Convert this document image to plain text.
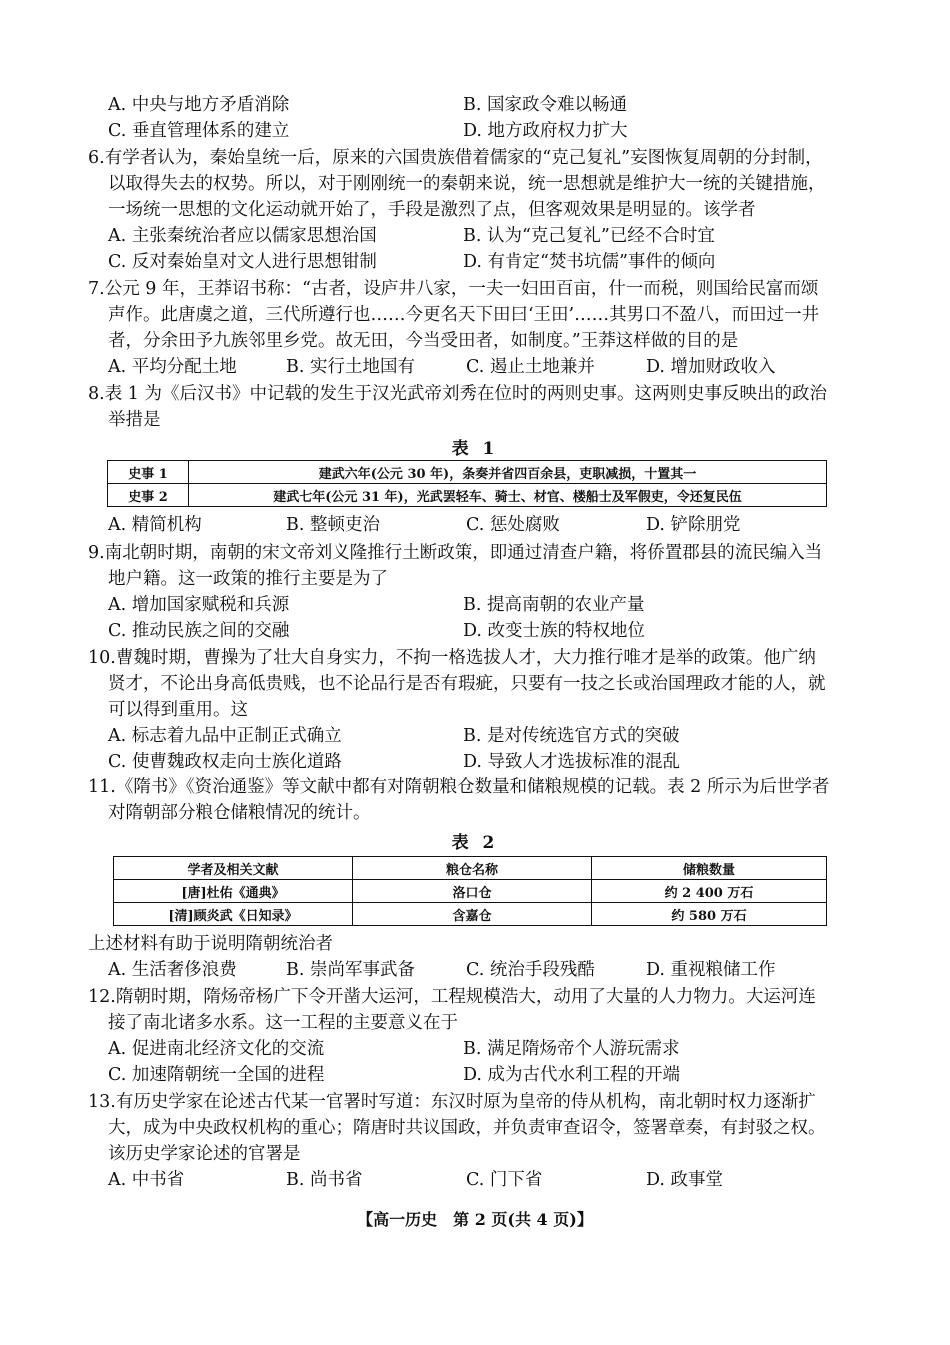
A. 中央与地方矛盾消除	B. 国家政令难以畅通
C. 垂直管理体系的建立	D. 地方政府权力扩大
6.有学者认为，秦始皇统一后，原来的六国贵族借着儒家的“克己复礼”妄图恢复周朝的分封制，以取得失去的权势。所以，对于刚刚统一的秦朝来说，统一思想就是维护大一统的关键措施，一场统一思想的文化运动就开始了，手段是激烈了点，但客观效果是明显的。该学者
A. 主张秦统治者应以儒家思想治国	B. 认为“克己复礼”已经不合时宜
C. 反对秦始皇对文人进行思想钳制	D. 有肯定“焚书坑儒”事件的倾向
7.公元 9 年，王莽诏书称：“古者，设庐井八家，一夫一妇田百亩，什一而税，则国给民富而颂声作。此唐虞之道，三代所遵行也……今更名天下田曰‘王田’……其男口不盈八，而田过一井者，分余田予九族邻里乡党。故无田，今当受田者，如制度。”王莽这样做的目的是
A. 平均分配土地	B. 实行土地国有	C. 遏止土地兼并	D. 增加财政收入
8.表 1 为《后汉书》中记载的发生于汉光武帝刘秀在位时的两则史事。这两则史事反映出的政治举措是
表 1
史事 1	建武六年(公元 30 年)，条奏并省四百余县，吏职减损，十置其一
史事 2	建武七年(公元 31 年)，光武罢轻车、骑士、材官、楼船士及军假吏，令还复民伍
A. 精简机构	B. 整顿吏治	C. 惩处腐败	D. 铲除朋党
9.南北朝时期，南朝的宋文帝刘义隆推行土断政策，即通过清查户籍，将侨置郡县的流民编入当地户籍。这一政策的推行主要是为了
A. 增加国家赋税和兵源	B. 提高南朝的农业产量
C. 推动民族之间的交融	D. 改变士族的特权地位
10.曹魏时期，曹操为了壮大自身实力，不拘一格选拔人才，大力推行唯才是举的政策。他广纳贤才，不论出身高低贵贱，也不论品行是否有瑕疵，只要有一技之长或治国理政才能的人，就可以得到重用。这
A. 标志着九品中正制正式确立	B. 是对传统选官方式的突破
C. 使曹魏政权走向士族化道路	D. 导致人才选拔标准的混乱
11.《隋书》《资治通鉴》等文献中都有对隋朝粮仓数量和储粮规模的记载。表 2 所示为后世学者对隋朝部分粮仓储粮情况的统计。
表 2
学者及相关文献	粮仓名称	储粮数量
[唐]杜佑《通典》	洛口仓	约 2 400 万石
[清]顾炎武《日知录》	含嘉仓	约 580 万石
上述材料有助于说明隋朝统治者
A. 生活奢侈浪费	B. 崇尚军事武备	C. 统治手段残酷	D. 重视粮储工作
12.隋朝时期，隋炀帝杨广下令开凿大运河，工程规模浩大，动用了大量的人力物力。大运河连接了南北诸多水系。这一工程的主要意义在于
A. 促进南北经济文化的交流	B. 满足隋炀帝个人游玩需求
C. 加速隋朝统一全国的进程	D. 成为古代水利工程的开端
13.有历史学家在论述古代某一官署时写道：东汉时原为皇帝的侍从机构，南北朝时权力逐渐扩大，成为中央政权机构的重心；隋唐时共议国政，并负责审查诏令，签署章奏，有封驳之权。该历史学家论述的官署是
A. 中书省	B. 尚书省	C. 门下省	D. 政事堂
【高一历史　第 2 页(共 4 页)】
